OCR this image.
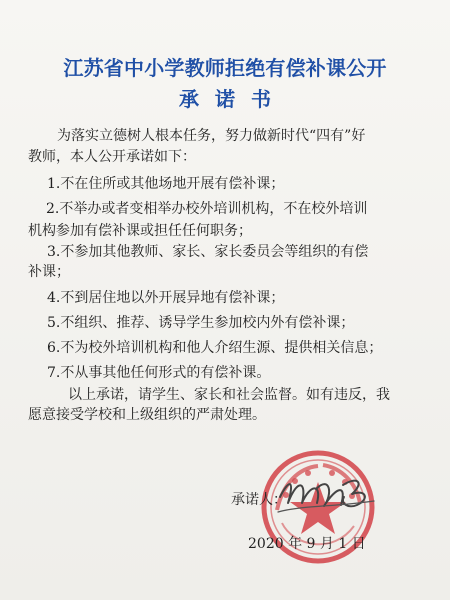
江苏省中小学教师拒绝有偿补课公开
承诺书
为落实立德树人根本任务，努力做新时代“四有”好
教师，本人公开承诺如下：
1.不在住所或其他场地开展有偿补课；
2.不举办或者变相举办校外培训机构，不在校外培训
机构参加有偿补课或担任任何职务；
3.不参加其他教师、家长、家长委员会等组织的有偿
补课；
4.不到居住地以外开展异地有偿补课；
5.不组织、推荐、诱导学生参加校内外有偿补课；
6.不为校外培训机构和他人介绍生源、提供相关信息；
7.不从事其他任何形式的有偿补课。
以上承诺，请学生、家长和社会监督。如有违反，我
愿意接受学校和上级组织的严肃处理。
承诺人：
2020 年 9 月 1 日
